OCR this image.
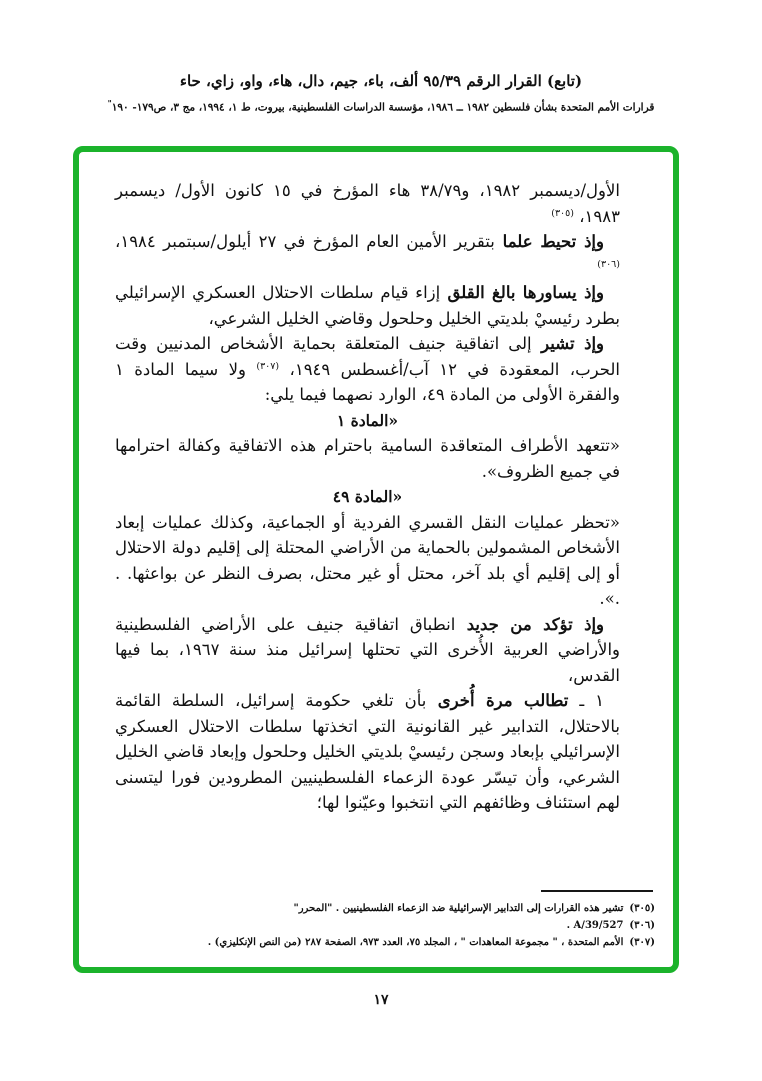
(تابع) القرار الرقم ٩٥/٣٩ ألف، باء، جيم، دال، هاء، واو، زاي، حاء
قرارات الأمم المتحدة بشأن فلسطين ١٩٨٢ ــ ١٩٨٦، مؤسسة الدراسات الفلسطينية، بيروت، ط ١، ١٩٩٤، مج ٣، ص١٧٩- ١٩٠"

الأول/ديسمبر ١٩٨٢، و٣٨/٧٩ هاء المؤرخ في ١٥ كانون الأول/ ديسمبر ١٩٨٣، $^{(٣٠٥)}$

وإذ تحيط علما بتقرير الأمين العام المؤرخ في ٢٧ أيلول/سبتمبر ١٩٨٤، $^{(٣٠٦)}$

وإذ يساورها بالغ القلق إزاء قيام سلطات الاحتلال العسكري الإسرائيلي بطرد رئيسيْ بلديتي الخليل وحلحول وقاضي الخليل الشرعي،

وإذ تشير إلى اتفاقية جنيف المتعلقة بحماية الأشخاص المدنيين وقت الحرب، المعقودة في ١٢ آب/أغسطس ١٩٤٩، $^{(٣٠٧)}$ ولا سيما المادة ١ والفقرة الأولى من المادة ٤٩، الوارد نصهما فيما يلي:

«المادة ١

«تتعهد الأطراف المتعاقدة السامية باحترام هذه الاتفاقية وكفالة احترامها في جميع الظروف».

«المادة ٤٩

«تحظر عمليات النقل القسري الفردية أو الجماعية، وكذلك عمليات إبعاد الأشخاص المشمولين بالحماية من الأراضي المحتلة إلى إقليم دولة الاحتلال أو إلى إقليم أي بلد آخر، محتل أو غير محتل، بصرف النظر عن بواعثها. . .».

وإذ تؤكد من جديد انطباق اتفاقية جنيف على الأراضي الفلسطينية والأراضي العربية الأُخرى التي تحتلها إسرائيل منذ سنة ١٩٦٧، بما فيها القدس،

١ ـ تطالب مرة أُخرى بأن تلغي حكومة إسرائيل، السلطة القائمة بالاحتلال، التدابير غير القانونية التي اتخذتها سلطات الاحتلال العسكري الإسرائيلي بإبعاد وسجن رئيسيْ بلديتي الخليل وحلحول وإبعاد قاضي الخليل الشرعي، وأن تيسّر عودة الزعماء الفلسطينيين المطرودين فورا ليتسنى لهم استئناف وظائفهم التي انتخبوا وعيّنوا لها؛

(٣٠٥)تشير هذه القرارات إلى التدابير الإسرائيلية ضد الزعماء الفلسطينيين . "المحرر"
(٣٠٦)A/39/527 .
(٣٠٧)الأمم المتحدة ، " مجموعة المعاهدات " ، المجلد ٧٥، العدد ٩٧٣، الصفحة ٢٨٧ (من النص الإنكليزي) .
١٧
